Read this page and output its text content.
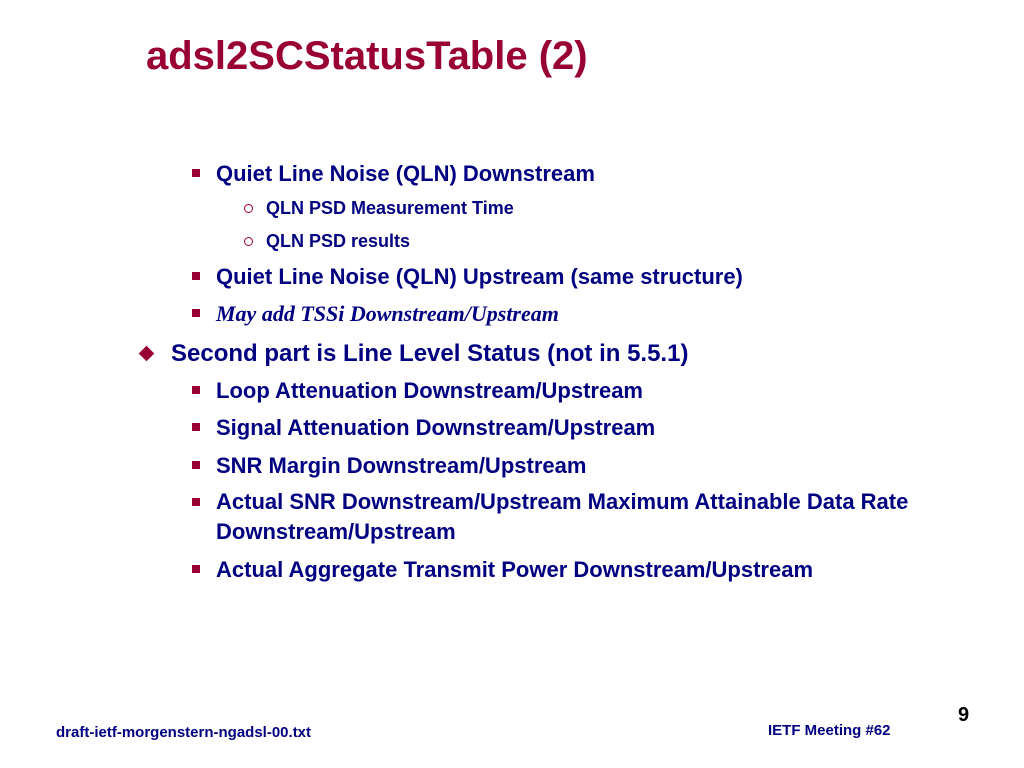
adsl2SCStatusTable (2)
Quiet Line Noise (QLN) Downstream
QLN PSD Measurement Time
QLN PSD results
Quiet Line Noise (QLN) Upstream (same structure)
May add TSSi Downstream/Upstream
Second part is Line Level Status (not in 5.5.1)
Loop Attenuation Downstream/Upstream
Signal Attenuation Downstream/Upstream
SNR Margin Downstream/Upstream
Actual SNR Downstream/Upstream Maximum Attainable Data Rate Downstream/Upstream
Actual Aggregate Transmit Power Downstream/Upstream
9
draft-ietf-morgenstern-ngadsl-00.txt	IETF Meeting #62
